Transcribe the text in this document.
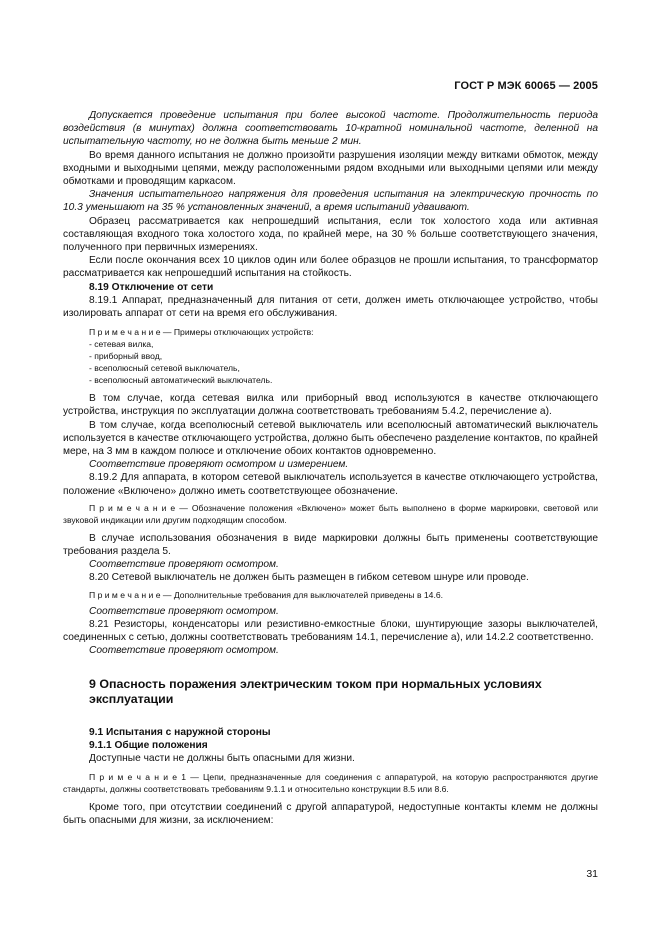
ГОСТ Р МЭК 60065 — 2005

Допускается проведение испытания при более высокой частоте. Продолжительность периода воздействия (в минутах) должна соответствовать 10-кратной номинальной частоте, деленной на испытательную частоту, но не должна быть меньше 2 мин.

Во время данного испытания не должно произойти разрушения изоляции между витками обмоток, между входными и выходными цепями, между расположенными рядом входными или выходными цепями или между обмотками и проводящим каркасом.

Значения испытательного напряжения для проведения испытания на электрическую прочность по 10.3 уменьшают на 35 % установленных значений, а время испытаний удваивают.

Образец рассматривается как непрошедший испытания, если ток холостого хода или активная составляющая входного тока холостого хода, по крайней мере, на 30 % больше соответствующего значения, полученного при первичных измерениях.

Если после окончания всех 10 циклов один или более образцов не прошли испытания, то трансформатор рассматривается как непрошедший испытания на стойкость.

8.19 Отключение от сети

8.19.1 Аппарат, предназначенный для питания от сети, должен иметь отключающее устройство, чтобы изолировать аппарат от сети на время его обслуживания.

П р и м е ч а н и е — Примеры отключающих устройств:

- сетевая вилка,
- приборный ввод,
- всеполюсный сетевой выключатель,
- всеполюсный автоматический выключатель.

В том случае, когда сетевая вилка или приборный ввод используются в качестве отключающего устройства, инструкция по эксплуатации должна соответствовать требованиям 5.4.2, перечисление а).

В том случае, когда всеполюсный сетевой выключатель или всеполюсный автоматический выключатель используется в качестве отключающего устройства, должно быть обеспечено разделение контактов, по крайней мере, на 3 мм в каждом полюсе и отключение обоих контактов одновременно.

Соответствие проверяют осмотром и измерением.

8.19.2 Для аппарата, в котором сетевой выключатель используется в качестве отключающего устройства, положение «Включено» должно иметь соответствующее обозначение.

П р и м е ч а н и е — Обозначение положения «Включено» может быть выполнено в форме маркировки, световой или звуковой индикации или другим подходящим способом.

В случае использования обозначения в виде маркировки должны быть применены соответствующие требования раздела 5.

Соответствие проверяют осмотром.

8.20 Сетевой выключатель не должен быть размещен в гибком сетевом шнуре или проводе.

П р и м е ч а н и е — Дополнительные требования для выключателей приведены в 14.6.

Соответствие проверяют осмотром.

8.21 Резисторы, конденсаторы или резистивно-емкостные блоки, шунтирующие зазоры выключателей, соединенных с сетью, должны соответствовать требованиям 14.1, перечисление а), или 14.2.2 соответственно.

Соответствие проверяют осмотром.

9 Опасность поражения электрическим током при нормальных условиях
эксплуатации

9.1 Испытания с наружной стороны

9.1.1 Общие положения

Доступные части не должны быть опасными для жизни.

П р и м е ч а н и е 1 — Цепи, предназначенные для соединения с аппаратурой, на которую распространяются другие стандарты, должны соответствовать требованиям 9.1.1 и относительно конструкции 8.5 или 8.6.

Кроме того, при отсутствии соединений с другой аппаратурой, недоступные контакты клемм не должны быть опасными для жизни, за исключением:

31
